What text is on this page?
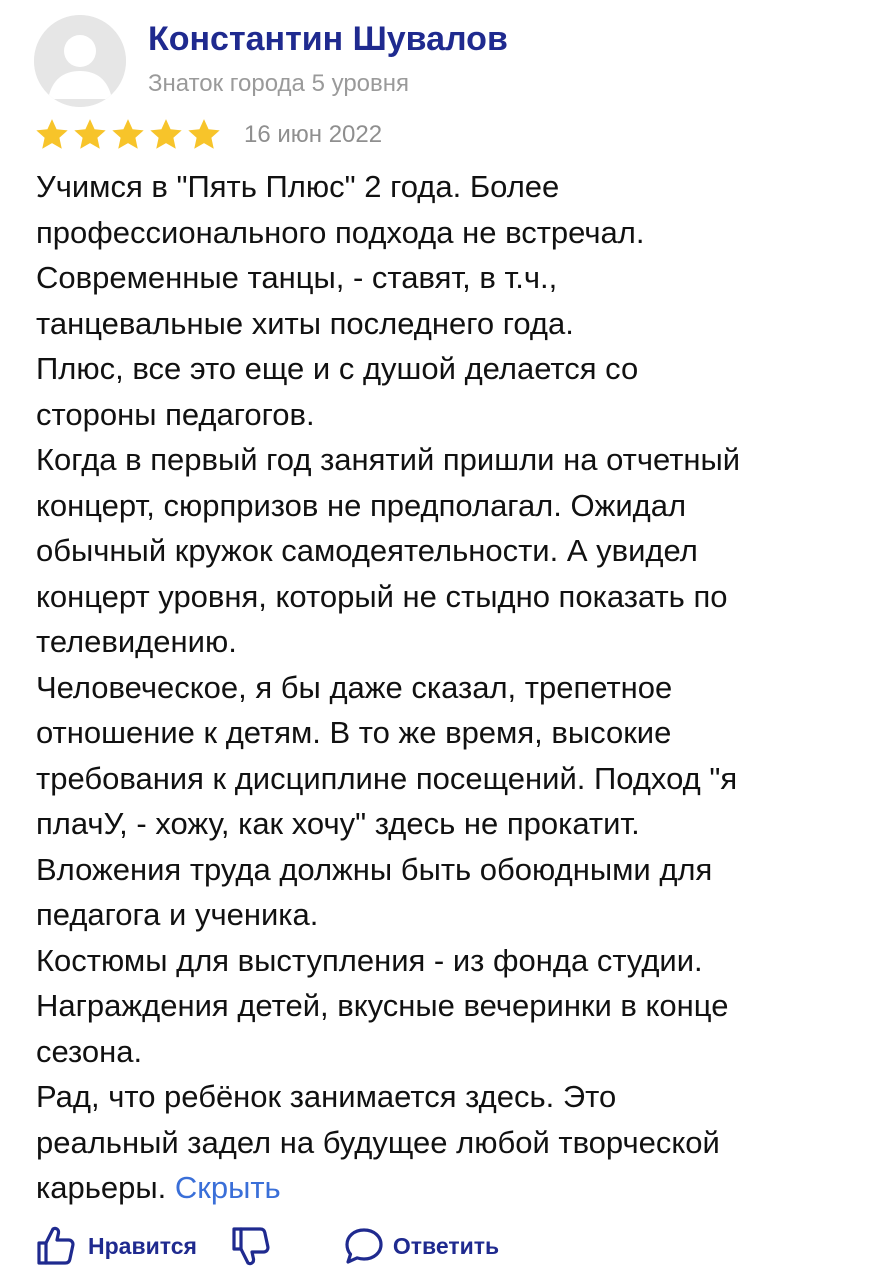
Константин Шувалов
Знаток города 5 уровня
16 июн 2022
Учимся в "Пять Плюс" 2 года. Более
профессионального подхода не встречал.
Современные танцы, - ставят, в т.ч.,
танцевальные хиты последнего года.
Плюс, все это еще и с душой делается со
стороны педагогов.
Когда в первый год занятий пришли на отчетный
концерт, сюрпризов не предполагал. Ожидал
обычный кружок самодеятельности. А увидел
концерт уровня, который не стыдно показать по
телевидению.
Человеческое, я бы даже сказал, трепетное
отношение к детям. В то же время, высокие
требования к дисциплине посещений. Подход "я
плачУ, - хожу, как хочу" здесь не прокатит.
Вложения труда должны быть обоюдными для
педагога и ученика.
Костюмы для выступления - из фонда студии.
Награждения детей, вкусные вечеринки в конце
сезона.
Рад, что ребёнок занимается здесь. Это
реальный задел на будущее любой творческой
карьеры. Скрыть
Нравится	Ответить
